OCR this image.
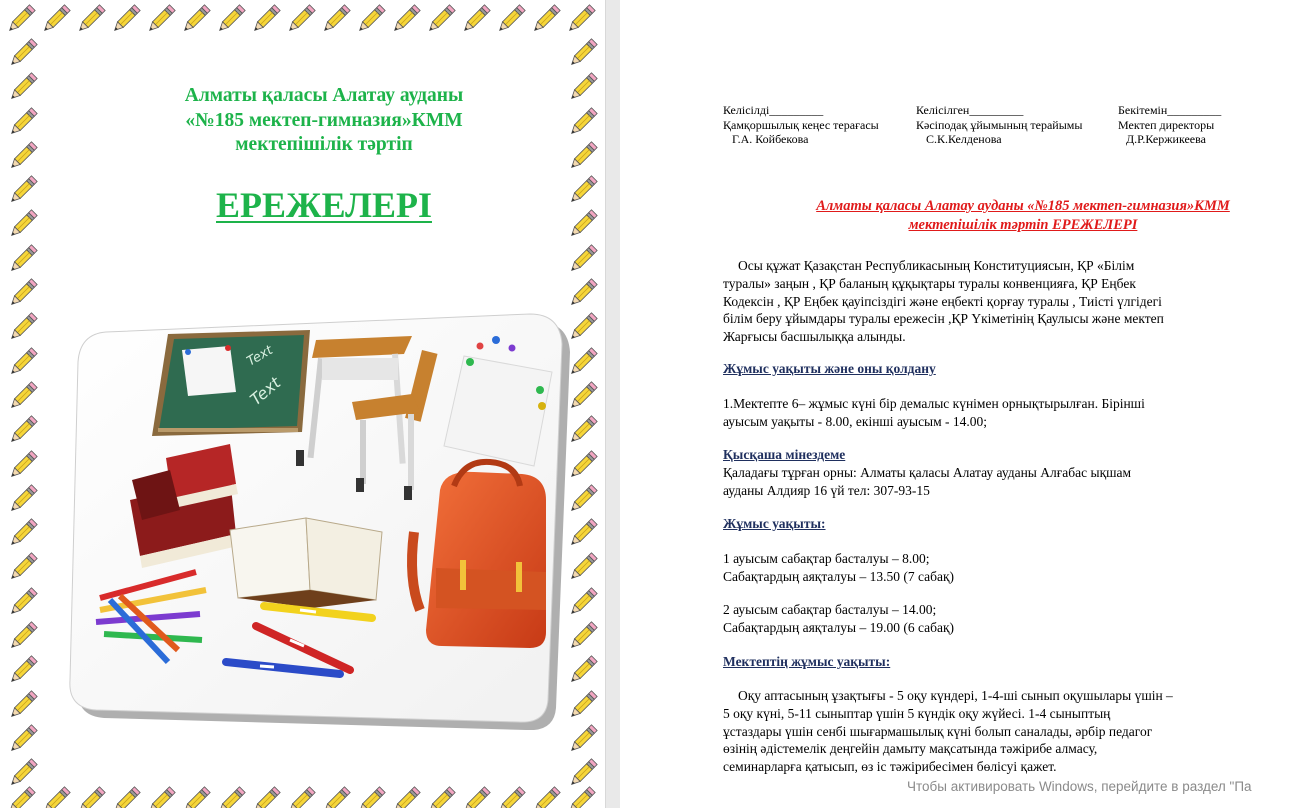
Алматы қаласы Алатау ауданы
«№185 мектеп-гимназия»КММ
мектепішілік тәртіп
ЕРЕЖЕЛЕРІ
Text
Text
Келісілді_________
Қамқоршылық кеңес терағасы
Г.А. Койбекова
Келісілген_________
Кәсіподақ ұйымының терайымы
С.К.Келденова
Бекітемін_________
Мектеп директоры
Д.Р.Кержикеева
Алматы қаласы Алатау ауданы «№185 мектеп-гимназия»КММ
мектепішілік тәртіп ЕРЕЖЕЛЕРІ
Осы құжат Қазақстан Республикасының Конституциясын, ҚР «Білім
туралы» заңын , ҚР баланың құқықтары туралы конвенцияға, ҚР Еңбек
Кодексін , ҚР Еңбек қауіпсіздігі және еңбекті қорғау туралы , Тиісті үлгідегі
білім беру ұйымдары туралы ережесін ,ҚР Үкіметінің Қаулысы және мектеп
Жарғысы басшылыққа алынды.
Жұмыс уақыты және оны қолдану
1.Мектепте 6– жұмыс күні бір демалыс күнімен орнықтырылған. Бірінші
ауысым уақыты - 8.00, екінші ауысым - 14.00;
Қысқаша мінездеме
Қаладағы тұрған орны: Алматы қаласы Алатау ауданы Алғабас ықшам
ауданы Алдияр 16 үй тел: 307-93-15
Жұмыс уақыты:
1 ауысым сабақтар басталуы – 8.00;
Сабақтардың аяқталуы – 13.50 (7 сабақ)
2 ауысым сабақтар басталуы – 14.00;
Сабақтардың аяқталуы – 19.00 (6 сабақ)
Мектептің жұмыс уақыты:
Оқу аптасының ұзақтығы - 5 оқу күндері, 1-4-ші сынып оқушылары үшін –
5 оқу күні, 5-11 сыныптар үшін 5 күндік оқу жүйесі. 1-4 сыныптың
ұстаздары үшін сенбі шығармашылық күні болып саналады, әрбір педагог
өзінің әдістемелік деңгейін дамыту мақсатында тәжірибе алмасу,
семинарларға қатысып, өз іс тәжірибесімен бөлісуі қажет.
Чтобы активировать Windows, перейдите в раздел "Па
